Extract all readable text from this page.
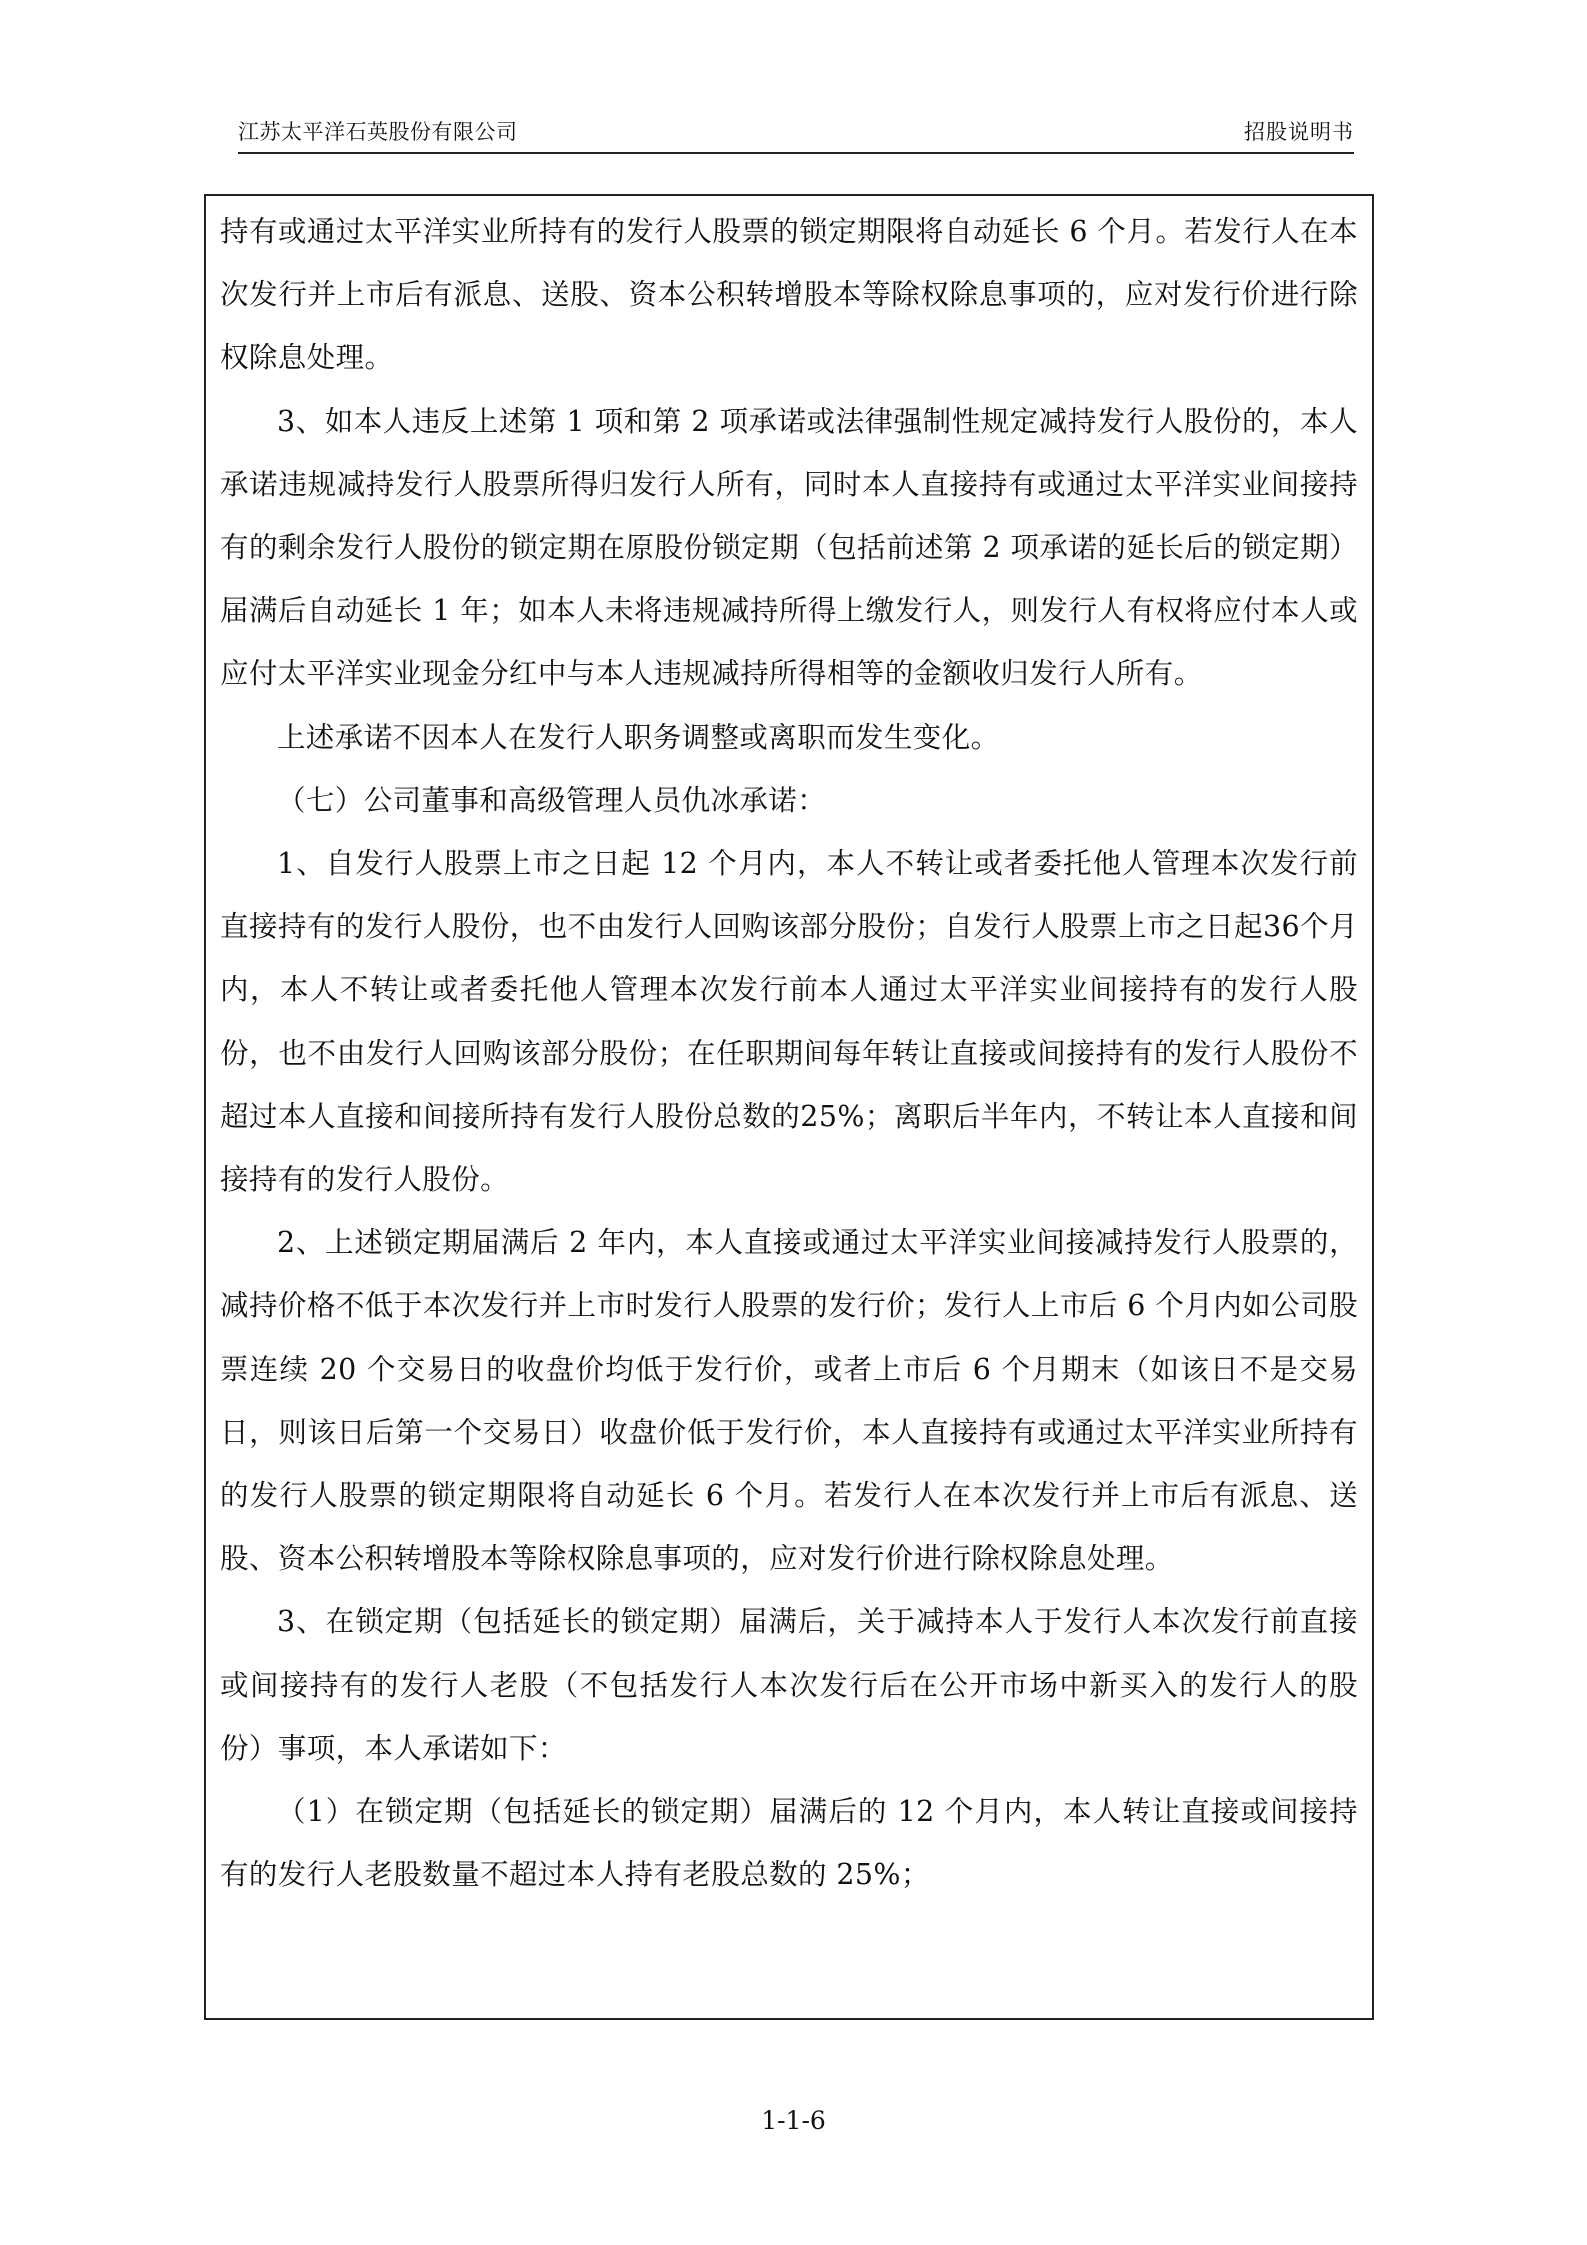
江苏太平洋石英股份有限公司	招股说明书

持有或通过太平洋实业所持有的发行人股票的锁定期限将自动延长 6 个月。若发行人在本次发行并上市后有派息、送股、资本公积转增股本等除权除息事项的，应对发行价进行除权除息处理。

3、如本人违反上述第 1 项和第 2 项承诺或法律强制性规定减持发行人股份的，本人承诺违规减持发行人股票所得归发行人所有，同时本人直接持有或通过太平洋实业间接持有的剩余发行人股份的锁定期在原股份锁定期（包括前述第 2 项承诺的延长后的锁定期）届满后自动延长 1 年；如本人未将违规减持所得上缴发行人，则发行人有权将应付本人或应付太平洋实业现金分红中与本人违规减持所得相等的金额收归发行人所有。

上述承诺不因本人在发行人职务调整或离职而发生变化。

（七）公司董事和高级管理人员仇冰承诺：

1、自发行人股票上市之日起 12 个月内，本人不转让或者委托他人管理本次发行前直接持有的发行人股份，也不由发行人回购该部分股份；自发行人股票上市之日起36个月内，本人不转让或者委托他人管理本次发行前本人通过太平洋实业间接持有的发行人股份，也不由发行人回购该部分股份；在任职期间每年转让直接或间接持有的发行人股份不超过本人直接和间接所持有发行人股份总数的25%；离职后半年内，不转让本人直接和间接持有的发行人股份。

2、上述锁定期届满后 2 年内，本人直接或通过太平洋实业间接减持发行人股票的，减持价格不低于本次发行并上市时发行人股票的发行价；发行人上市后 6 个月内如公司股票连续 20 个交易日的收盘价均低于发行价，或者上市后 6 个月期末（如该日不是交易日，则该日后第一个交易日）收盘价低于发行价，本人直接持有或通过太平洋实业所持有的发行人股票的锁定期限将自动延长 6 个月。若发行人在本次发行并上市后有派息、送股、资本公积转增股本等除权除息事项的，应对发行价进行除权除息处理。

3、在锁定期（包括延长的锁定期）届满后，关于减持本人于发行人本次发行前直接或间接持有的发行人老股（不包括发行人本次发行后在公开市场中新买入的发行人的股份）事项，本人承诺如下：

（1）在锁定期（包括延长的锁定期）届满后的 12 个月内，本人转让直接或间接持有的发行人老股数量不超过本人持有老股总数的 25%；

1-1-6
